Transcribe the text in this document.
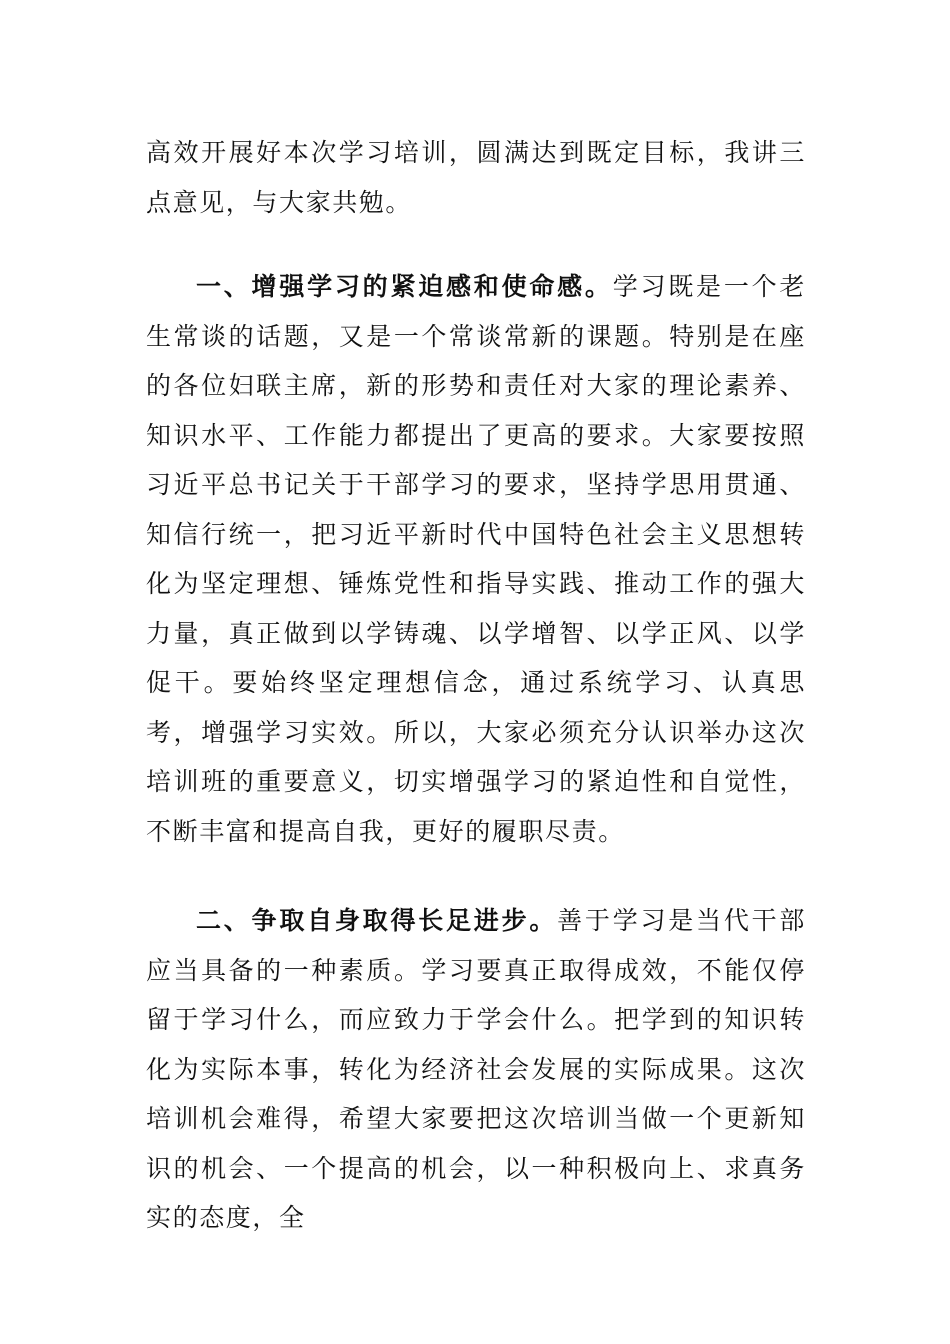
高效开展好本次学习培训，圆满达到既定目标，我讲三点意见，与大家共勉。

一、增强学习的紧迫感和使命感。学习既是一个老生常谈的话题，又是一个常谈常新的课题。特别是在座的各位妇联主席，新的形势和责任对大家的理论素养、知识水平、工作能力都提出了更高的要求。大家要按照习近平总书记关于干部学习的要求，坚持学思用贯通、知信行统一，把习近平新时代中国特色社会主义思想转化为坚定理想、锤炼党性和指导实践、推动工作的强大力量，真正做到以学铸魂、以学增智、以学正风、以学促干。要始终坚定理想信念，通过系统学习、认真思考，增强学习实效。所以，大家必须充分认识举办这次培训班的重要意义，切实增强学习的紧迫性和自觉性，不断丰富和提高自我，更好的履职尽责。

二、争取自身取得长足进步。善于学习是当代干部应当具备的一种素质。学习要真正取得成效，不能仅停留于学习什么，而应致力于学会什么。把学到的知识转化为实际本事，转化为经济社会发展的实际成果。这次培训机会难得，希望大家要把这次培训当做一个更新知识的机会、一个提高的机会，以一种积极向上、求真务实的态度，全
